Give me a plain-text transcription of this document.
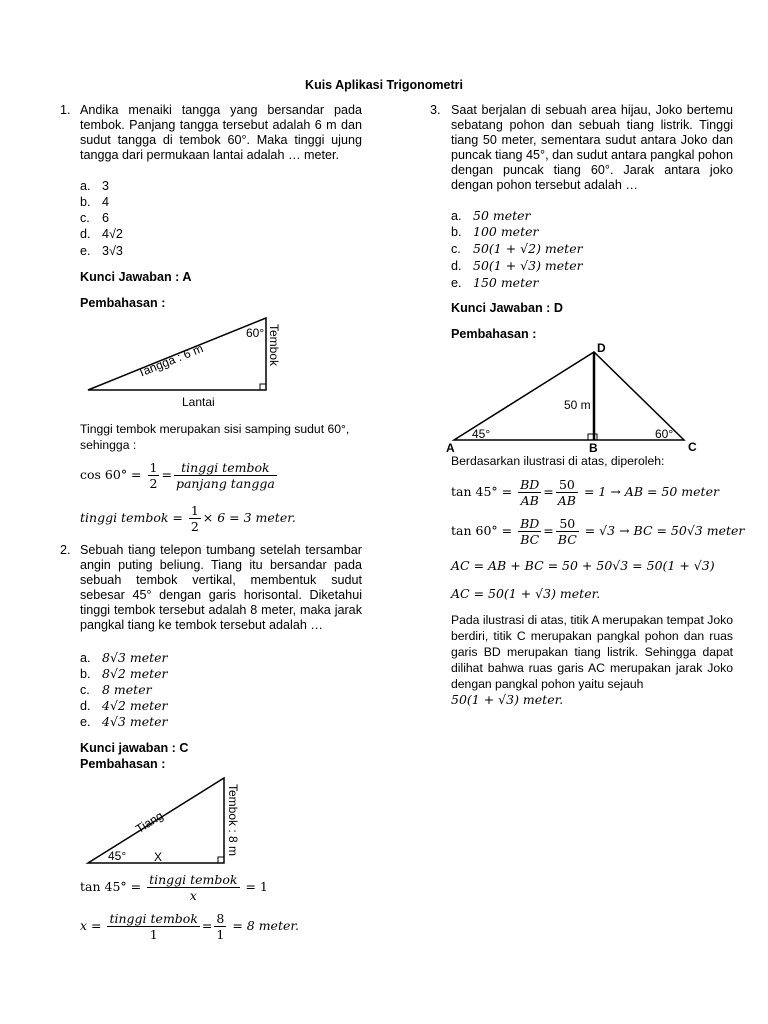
Kuis Aplikasi Trigonometri
1. Andika menaiki tangga yang bersandar pada tembok. Panjang tangga tersebut adalah 6 m dan sudut tangga di tembok 60°. Maka tinggi ujung tangga dari permukaan lantai adalah … meter.
a. 3
b. 4
c. 6
d. 4√2
e. 3√3
Kunci Jawaban : A
Pembahasan :
Tangga : 6 m
60° Tembok
Lantai
Tinggi tembok merupakan sisi samping sudut 60°, sehingga :
$\cos 60^\circ = \frac{1}{2} = \frac{\text{tinggi tembok}}{\text{panjang tangga}}$
tinggi tembok = $\frac{1}{2} \times 6 = 3$ meter.
2. Sebuah tiang telepon tumbang setelah tersambar angin puting beliung. Tiang itu bersandar pada sebuah tembok vertikal, membentuk sudut sebesar 45° dengan garis horisontal. Diketahui tinggi tembok tersebut adalah 8 meter, maka jarak pangkal tiang ke tembok tersebut adalah …
a. 8√3 meter
b. 8√2 meter
c. 8 meter
d. 4√2 meter
e. 4√3 meter
Kunci jawaban : C
Pembahasan :
Tiang
45° X
Tembok : 8 m
$\tan 45^\circ = \frac{\text{tinggi tembok}}{x} = 1$
$x = \frac{\text{tinggi tembok}}{1} = \frac{8}{1} = 8$ meter.
3. Saat berjalan di sebuah area hijau, Joko bertemu sebatang pohon dan sebuah tiang listrik. Tinggi tiang 50 meter, sementara sudut antara Joko dan puncak tiang 45°, dan sudut antara pangkal pohon dengan puncak tiang 60°. Jarak antara joko dengan pohon tersebut adalah …
a. 50 meter
b. 100 meter
c. 50(1 + √2) meter
d. 50(1 + √3) meter
e. 150 meter
Kunci Jawaban : D
Pembahasan :
D
A	B	C
50 m
45°	60°
Berdasarkan ilustrasi di atas, diperoleh:
$\tan 45^\circ = \frac{BD}{AB} = \frac{50}{AB} = 1$ → AB = 50 meter
$\tan 60^\circ = \frac{BD}{BC} = \frac{50}{BC} = √3$ → BC = 50√3 meter
AC = AB + BC = 50 + 50√3 = 50(1 + √3)
AC = 50(1 + √3) meter.
Pada ilustrasi di atas, titik A merupakan tempat Joko berdiri, titik C merupakan pangkal pohon dan ruas garis BD merupakan tiang listrik. Sehingga dapat dilihat bahwa ruas garis AC merupakan jarak Joko dengan pangkal pohon yaitu sejauh
50(1 + √3) meter.
